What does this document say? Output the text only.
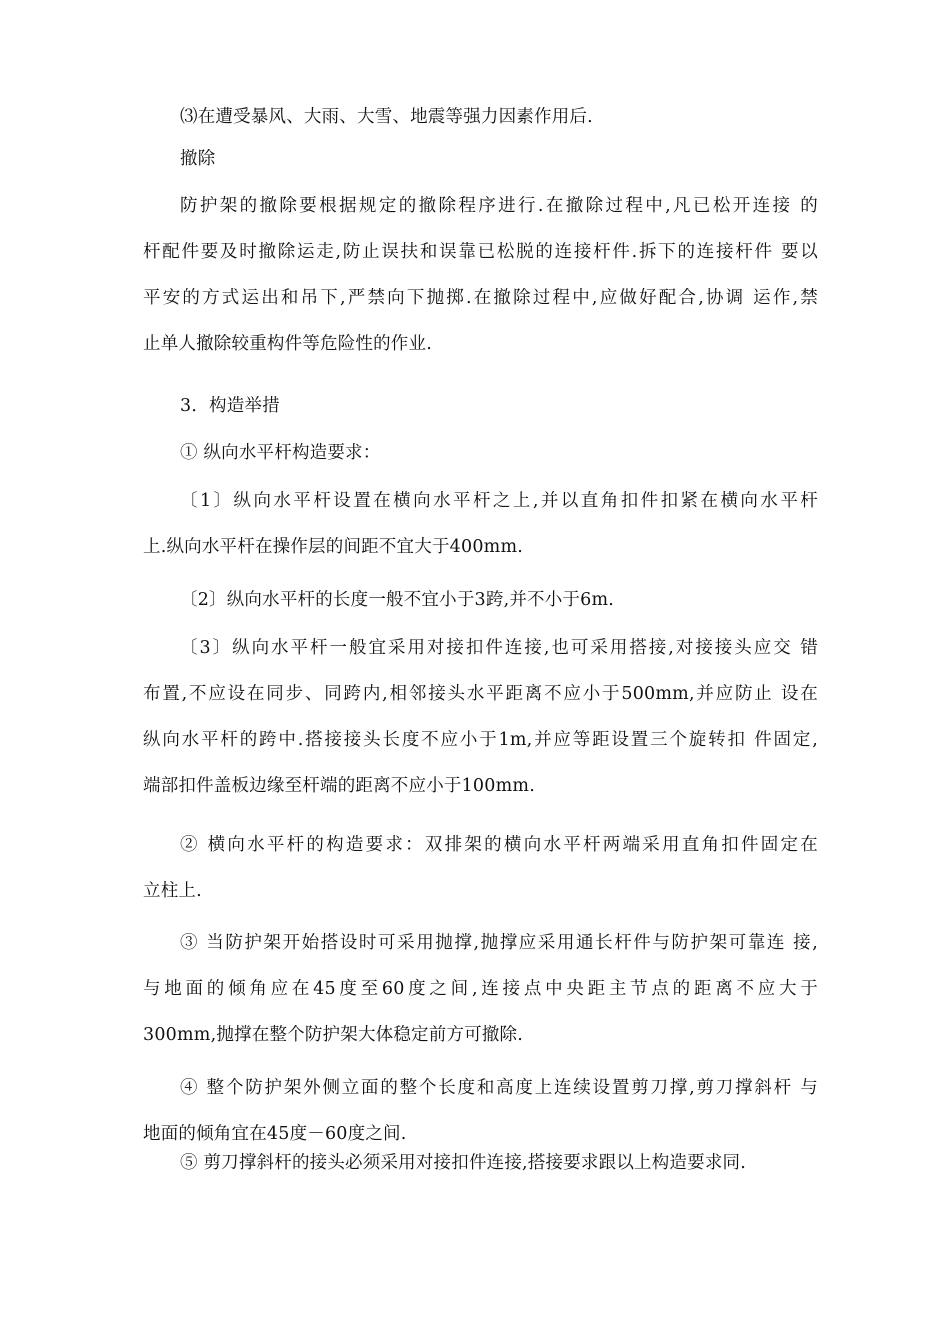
⑶在遭受暴风、大雨、大雪、地震等强力因素作用后.
撤除
防护架的撤除要根据规定的撤除程序进行.在撤除过程中,凡已松开连接 的
杆配件要及时撤除运走,防止误扶和误靠已松脱的连接杆件.拆下的连接杆件 要以
平安的方式运出和吊下,严禁向下抛掷.在撤除过程中,应做好配合,协调 运作,禁
止单人撤除较重构件等危险性的作业.
3．构造举措
① 纵向水平杆构造要求：
〔1〕纵向水平杆设置在横向水平杆之上,并以直角扣件扣紧在横向水平杆
上.纵向水平杆在操作层的间距不宜大于400mm.
〔2〕纵向水平杆的长度一般不宜小于3跨,并不小于6m.
〔3〕纵向水平杆一般宜采用对接扣件连接,也可采用搭接,对接接头应交 错
布置,不应设在同步、同跨内,相邻接头水平距离不应小于500mm,并应防止 设在
纵向水平杆的跨中.搭接接头长度不应小于1m,并应等距设置三个旋转扣 件固定,
端部扣件盖板边缘至杆端的距离不应小于100mm.
② 横向水平杆的构造要求：双排架的横向水平杆两端采用直角扣件固定在
立柱上.
③ 当防护架开始搭设时可采用抛撑,抛撑应采用通长杆件与防护架可靠连 接,
与地面的倾角应在45度至60度之间,连接点中央距主节点的距离不应大于
300mm,抛撑在整个防护架大体稳定前方可撤除.
④ 整个防护架外侧立面的整个长度和高度上连续设置剪刀撑,剪刀撑斜杆 与
地面的倾角宜在45度－60度之间.
⑤ 剪刀撑斜杆的接头必须采用对接扣件连接,搭接要求跟以上构造要求同.
